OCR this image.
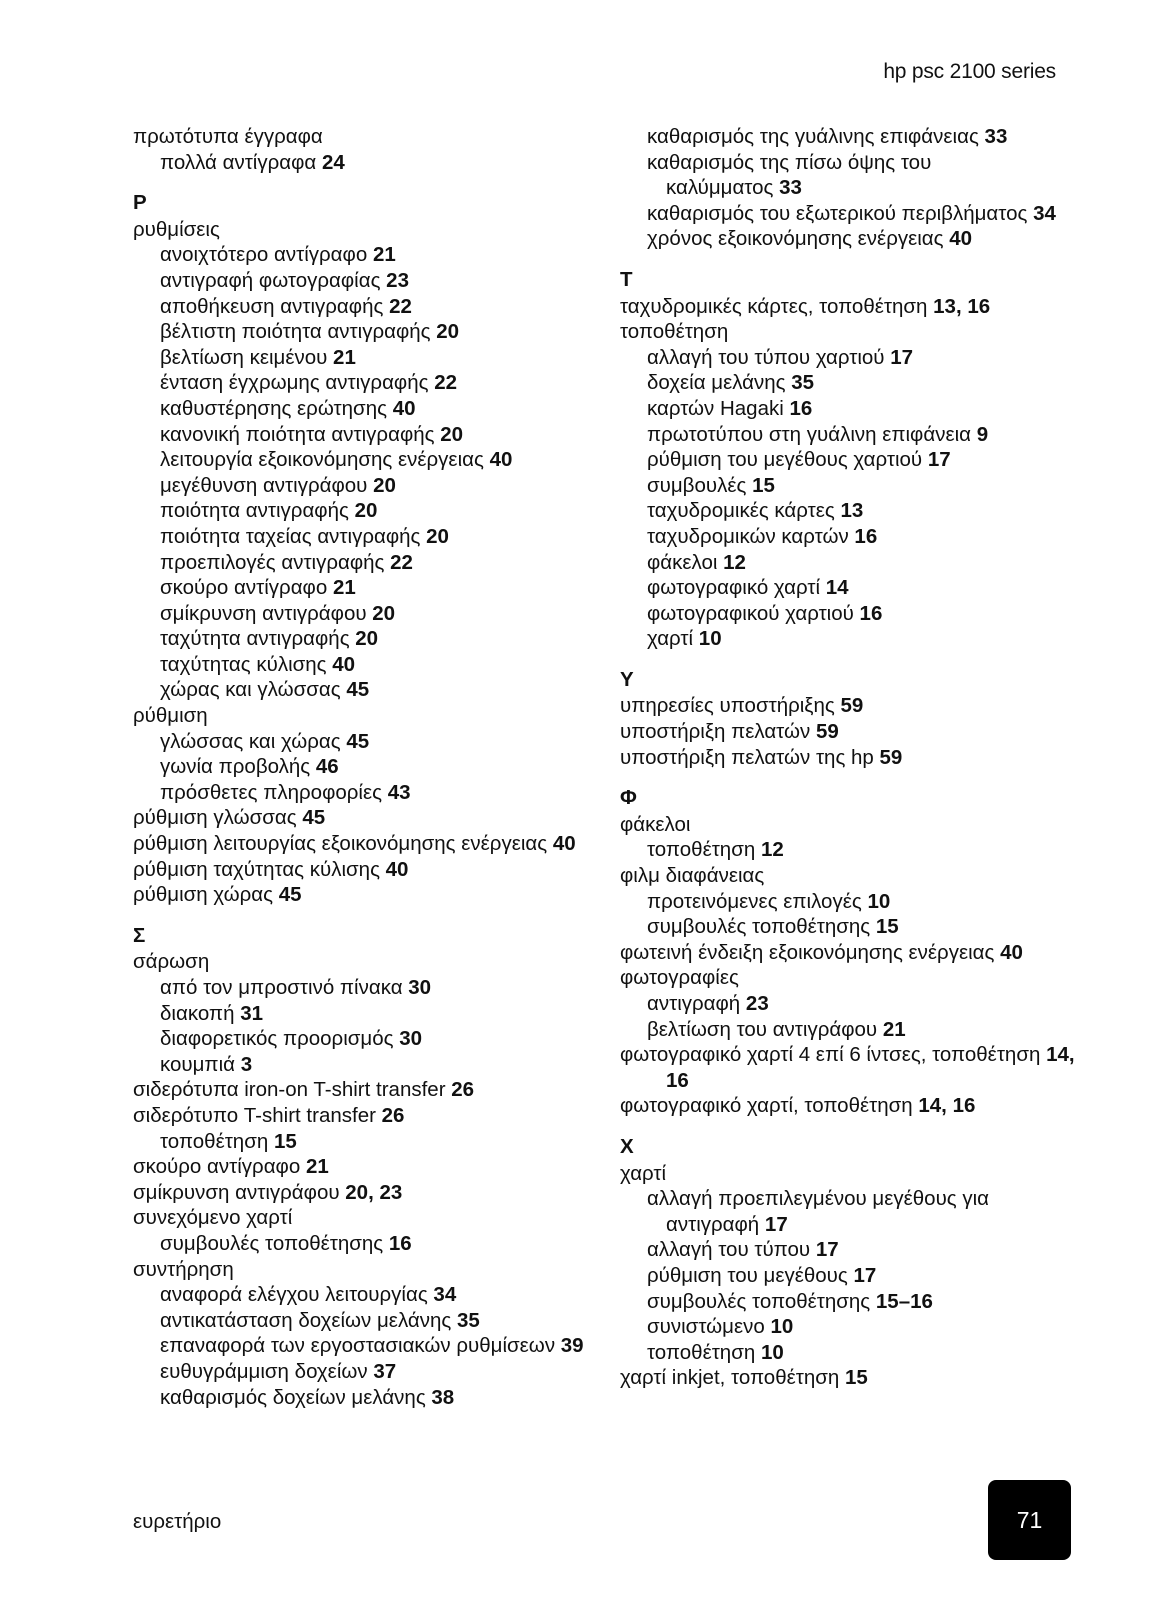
hp psc 2100 series
πρωτότυπα έγγραφα
πολλά αντίγραφα 24
Ρ
ρυθμίσεις
ανοιχτότερο αντίγραφο 21
αντιγραφή φωτογραφίας 23
αποθήκευση αντιγραφής 22
βέλτιστη ποιότητα αντιγραφής 20
βελτίωση κειμένου 21
ένταση έγχρωμης αντιγραφής 22
καθυστέρησης ερώτησης 40
κανονική ποιότητα αντιγραφής 20
λειτουργία εξοικονόμησης ενέργειας 40
μεγέθυνση αντιγράφου 20
ποιότητα αντιγραφής 20
ποιότητα ταχείας αντιγραφής 20
προεπιλογές αντιγραφής 22
σκούρο αντίγραφο 21
σμίκρυνση αντιγράφου 20
ταχύτητα αντιγραφής 20
ταχύτητας κύλισης 40
χώρας και γλώσσας 45
ρύθμιση
γλώσσας και χώρας 45
γωνία προβολής 46
πρόσθετες πληροφορίες 43
ρύθμιση γλώσσας 45
ρύθμιση λειτουργίας εξοικονόμησης ενέργειας 40
ρύθμιση ταχύτητας κύλισης 40
ρύθμιση χώρας 45
Σ
σάρωση
από τον μπροστινό πίνακα 30
διακοπή 31
διαφορετικός προορισμός 30
κουμπιά 3
σιδερότυπα iron-on T-shirt transfer 26
σιδερότυπο T-shirt transfer 26
τοποθέτηση 15
σκούρο αντίγραφο 21
σμίκρυνση αντιγράφου 20, 23
συνεχόμενο χαρτί
συμβουλές τοποθέτησης 16
συντήρηση
αναφορά ελέγχου λειτουργίας 34
αντικατάσταση δοχείων μελάνης 35
επαναφορά των εργοστασιακών ρυθμίσεων 39
ευθυγράμμιση δοχείων 37
καθαρισμός δοχείων μελάνης 38
καθαρισμός της γυάλινης επιφάνειας 33
καθαρισμός της πίσω όψης του
καλύμματος 33
καθαρισμός του εξωτερικού περιβλήματος 34
χρόνος εξοικονόμησης ενέργειας 40
Τ
ταχυδρομικές κάρτες, τοποθέτηση 13, 16
τοποθέτηση
αλλαγή του τύπου χαρτιού 17
δοχεία μελάνης 35
καρτών Hagaki 16
πρωτοτύπου στη γυάλινη επιφάνεια 9
ρύθμιση του μεγέθους χαρτιού 17
συμβουλές 15
ταχυδρομικές κάρτες 13
ταχυδρομικών καρτών 16
φάκελοι 12
φωτογραφικό χαρτί 14
φωτογραφικού χαρτιού 16
χαρτί 10
Υ
υπηρεσίες υποστήριξης 59
υποστήριξη πελατών 59
υποστήριξη πελατών της hp 59
Φ
φάκελοι
τοποθέτηση 12
φιλμ διαφάνειας
προτεινόμενες επιλογές 10
συμβουλές τοποθέτησης 15
φωτεινή ένδειξη εξοικονόμησης ενέργειας 40
φωτογραφίες
αντιγραφή 23
βελτίωση του αντιγράφου 21
φωτογραφικό χαρτί 4 επί 6 ίντσες, τοποθέτηση 14,
16
φωτογραφικό χαρτί, τοποθέτηση 14, 16
Χ
χαρτί
αλλαγή προεπιλεγμένου μεγέθους για
αντιγραφή 17
αλλαγή του τύπου 17
ρύθμιση του μεγέθους 17
συμβουλές τοποθέτησης 15–16
συνιστώμενο 10
τοποθέτηση 10
χαρτί inkjet, τοποθέτηση 15
ευρετήριο	71
